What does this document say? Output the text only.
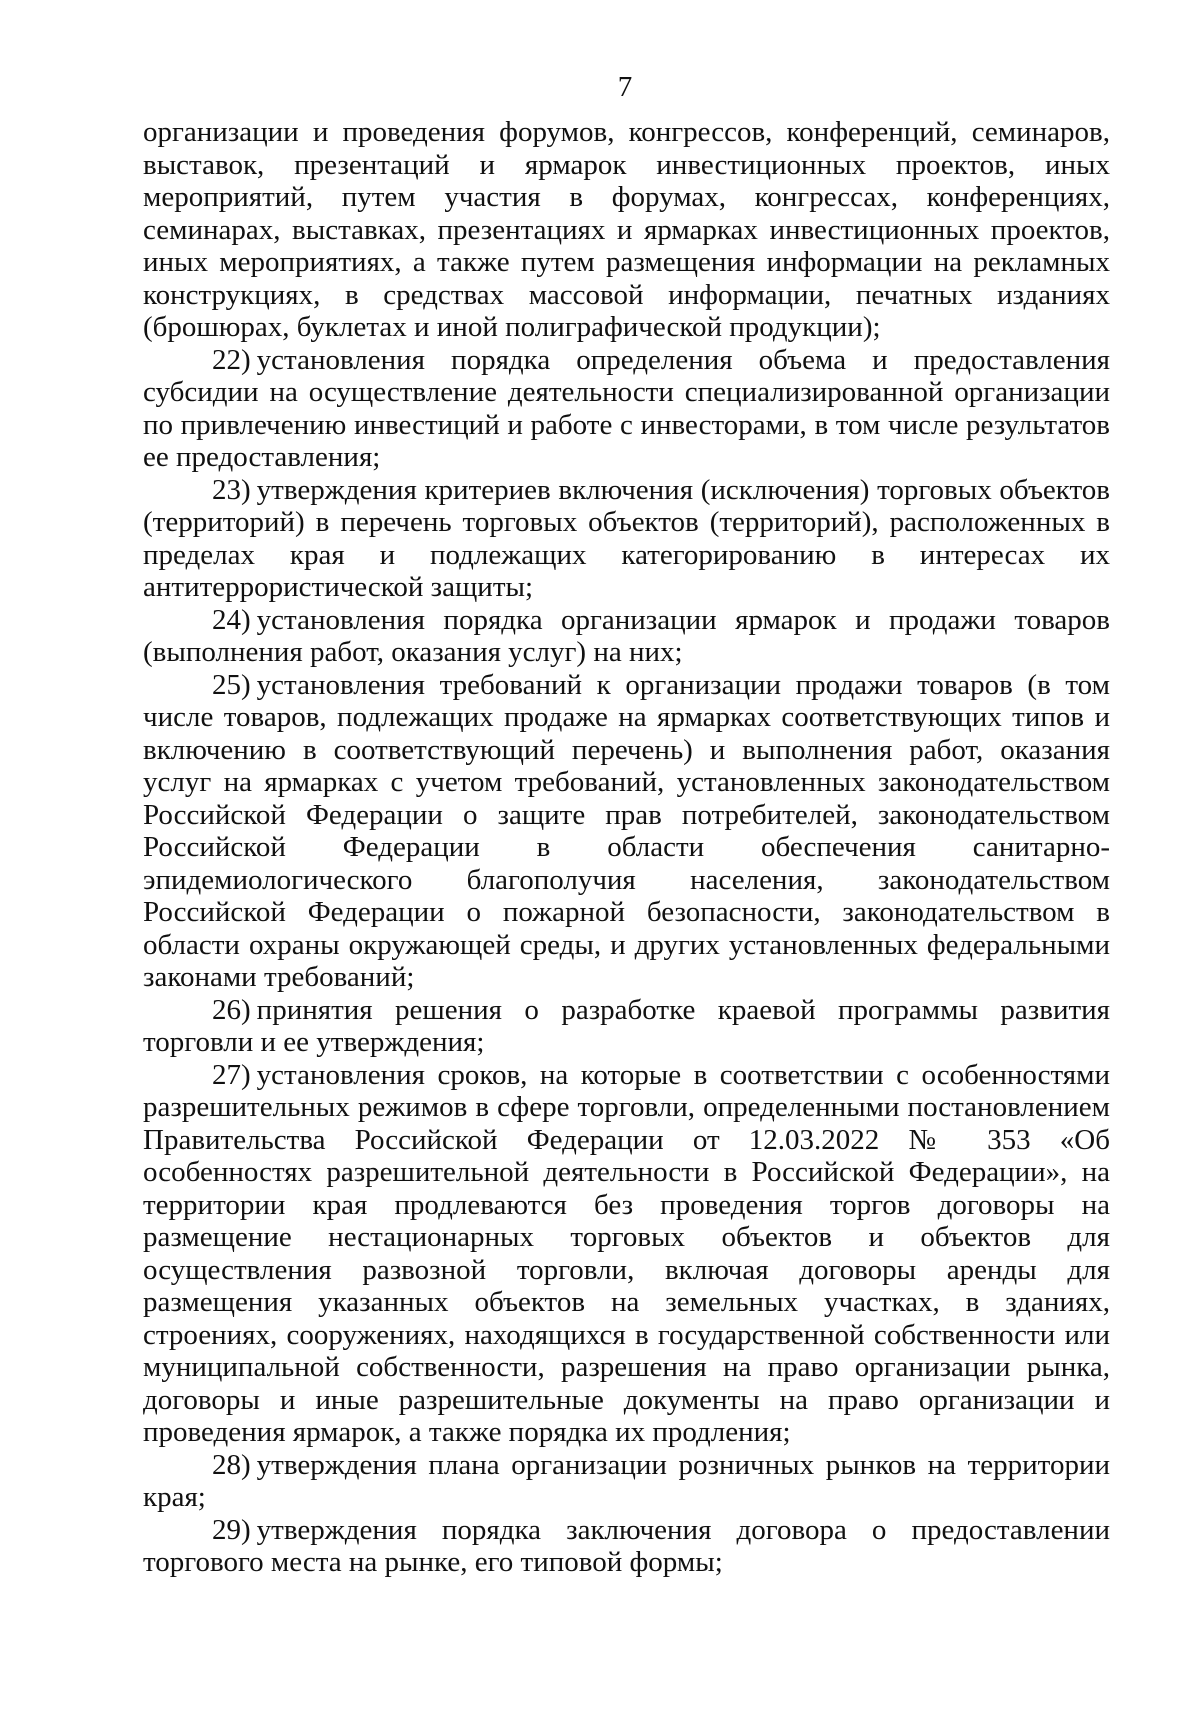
7

организации и проведения форумов, конгрессов, конференций, семинаров, выставок, презентаций и ярмарок инвестиционных проектов, иных мероприятий, путем участия в форумах, конгрессах, конференциях, семинарах, выставках, презентациях и ярмарках инвестиционных проектов, иных мероприятиях, а также путем размещения информации на рекламных конструкциях, в средствах массовой информации, печатных изданиях (брошюрах, буклетах и иной полиграфической продукции);

22) установления порядка определения объема и предоставления субсидии на осуществление деятельности специализированной организации по привлечению инвестиций и работе с инвесторами, в том числе результатов ее предоставления;

23) утверждения критериев включения (исключения) торговых объектов (территорий) в перечень торговых объектов (территорий), расположенных в пределах края и подлежащих категорированию в интересах их антитеррористической защиты;

24) установления порядка организации ярмарок и продажи товаров (выполнения работ, оказания услуг) на них;

25) установления требований к организации продажи товаров (в том числе товаров, подлежащих продаже на ярмарках соответствующих типов и включению в соответствующий перечень) и выполнения работ, оказания услуг на ярмарках с учетом требований, установленных законодательством Российской Федерации о защите прав потребителей, законодательством Российской Федерации в области обеспечения санитарно-эпидемиологического благополучия населения, законодательством Российской Федерации о пожарной безопасности, законодательством в области охраны окружающей среды, и других установленных федеральными законами требований;

26) принятия решения о разработке краевой программы развития торговли и ее утверждения;

27) установления сроков, на которые в соответствии с особенностями разрешительных режимов в сфере торговли, определенными постановлением Правительства Российской Федерации от 12.03.2022 № 353 «Об особенностях разрешительной деятельности в Российской Федерации», на территории края продлеваются без проведения торгов договоры на размещение нестационарных торговых объектов и объектов для осуществления развозной торговли, включая договоры аренды для размещения указанных объектов на земельных участках, в зданиях, строениях, сооружениях, находящихся в государственной собственности или муниципальной собственности, разрешения на право организации рынка, договоры и иные разрешительные документы на право организации и проведения ярмарок, а также порядка их продления;

28) утверждения плана организации розничных рынков на территории края;

29) утверждения порядка заключения договора о предоставлении торгового места на рынке, его типовой формы;
